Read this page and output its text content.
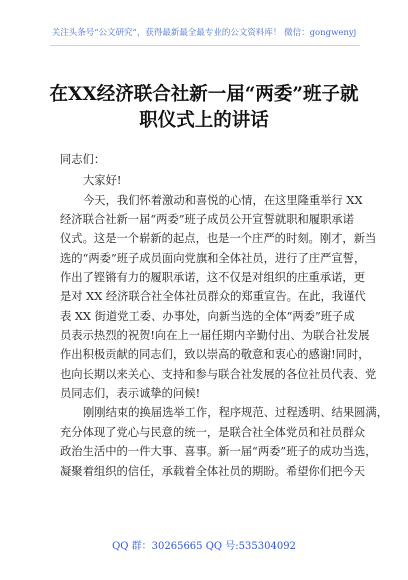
关注头条号“公文研究”，获得最新最全最专业的公文资料库！ 微信：gongwenyj
在XX经济联合社新一届“两委”班子就
职仪式上的讲话
同志们：
大家好!
今天，我们怀着激动和喜悦的心情，在这里隆重举行 XX
经济联合社新一届“两委”班子成员公开宣誓就职和履职承诺
仪式。这是一个崭新的起点，也是一个庄严的时刻。刚才，新当
选的“两委”班子成员面向党旗和全体社员，进行了庄严宣誓，
作出了铿锵有力的履职承诺，这不仅是对组织的庄重承诺，更
是对 XX 经济联合社全体社员群众的郑重宣告。在此，我谨代
表 XX 街道党工委、办事处，向新当选的全体“两委”班子成
员表示热烈的祝贺!向在上一届任期内辛勤付出、为联合社发展
作出积极贡献的同志们，致以崇高的敬意和衷心的感谢!同时，
也向长期以来关心、支持和参与联合社发展的各位社员代表、党
员同志们，表示诚挚的问候!
刚刚结束的换届选举工作，程序规范、过程透明、结果圆满，
充分体现了党心与民意的统一，是联合社全体党员和社员群众
政治生活中的一件大事、喜事。新一届“两委”班子的成功当选，
凝聚着组织的信任，承载着全体社员的期盼。希望你们把今天
QQ 群：30265665 QQ 号:535304092
